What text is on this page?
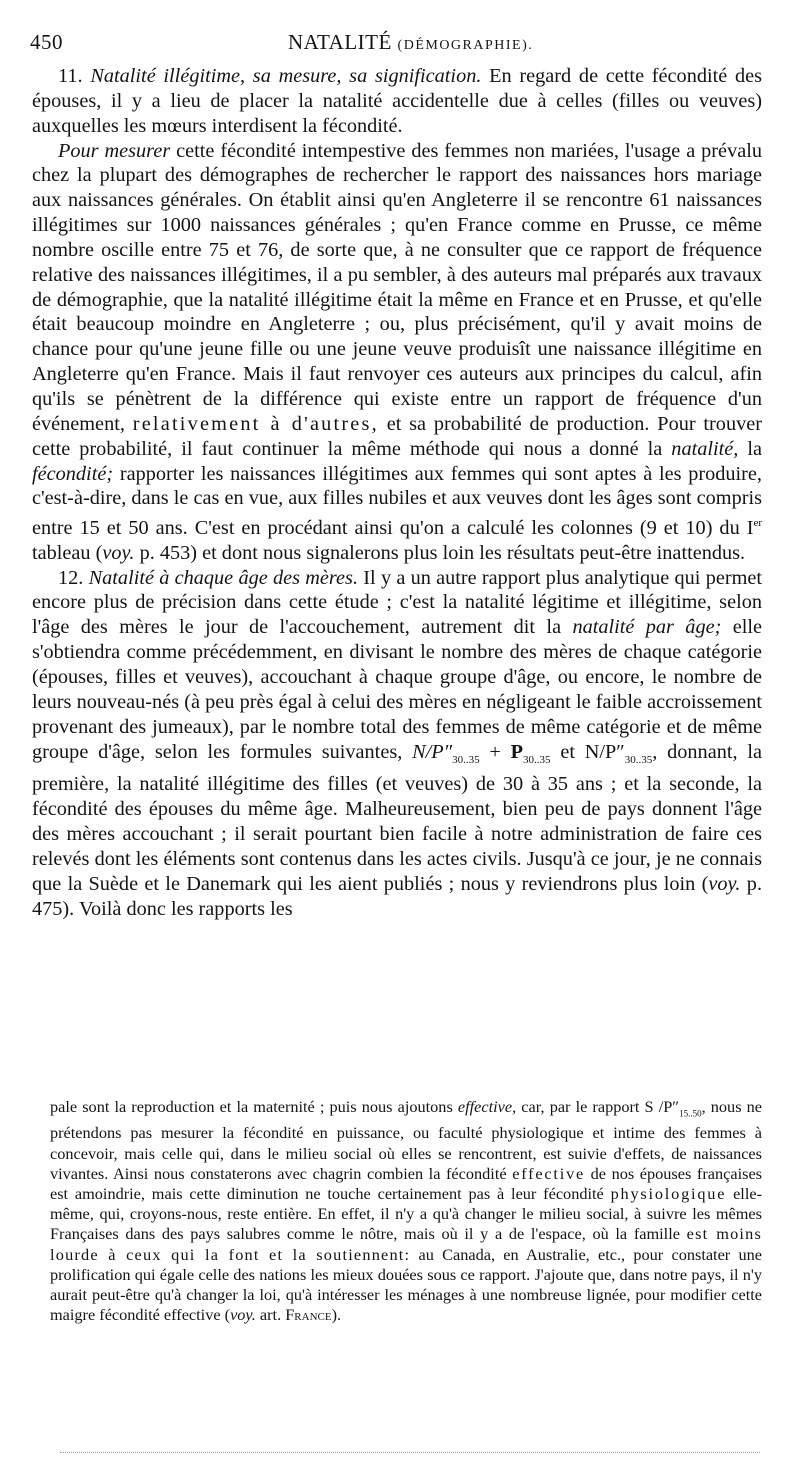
450	NATALITÉ (DÉMOGRAPHIE).

11. Natalité illégitime, sa mesure, sa signification. En regard de cette fécondité des épouses, il y a lieu de placer la natalité accidentelle due à celles (filles ou veuves) auxquelles les mœurs interdisent la fécondité.

Pour mesurer cette fécondité intempestive des femmes non mariées, l'usage a prévalu chez la plupart des démographes de rechercher le rapport des naissances hors mariage aux naissances générales. On établit ainsi qu'en Angleterre il se rencontre 61 naissances illégitimes sur 1000 naissances générales ; qu'en France comme en Prusse, ce même nombre oscille entre 75 et 76, de sorte que, à ne consulter que ce rapport de fréquence relative des naissances illégitimes, il a pu sembler, à des auteurs mal préparés aux travaux de démographie, que la natalité illégitime était la même en France et en Prusse, et qu'elle était beaucoup moindre en Angleterre ; ou, plus précisément, qu'il y avait moins de chance pour qu'une jeune fille ou une jeune veuve produisît une naissance illégitime en Angleterre qu'en France. Mais il faut renvoyer ces auteurs aux principes du calcul, afin qu'ils se pénètrent de la différence qui existe entre un rapport de fréquence d'un événement, relativement à d'autres, et sa probabilité de production. Pour trouver cette probabilité, il faut continuer la même méthode qui nous a donné la natalité, la fécondité; rapporter les naissances illégitimes aux femmes qui sont aptes à les produire, c'est-à-dire, dans le cas en vue, aux filles nubiles et aux veuves dont les âges sont compris entre 15 et 50 ans. C'est en procédant ainsi qu'on a calculé les colonnes (9 et 10) du Ier tableau (voy. p. 453) et dont nous signalerons plus loin les résultats peut-être inattendus.

12. Natalité à chaque âge des mères. Il y a un autre rapport plus analytique qui permet encore plus de précision dans cette étude ; c'est la natalité légitime et illégitime, selon l'âge des mères le jour de l'accouchement, autrement dit la natalité par âge; elle s'obtiendra comme précédemment, en divisant le nombre des mères de chaque catégorie (épouses, filles et veuves), accouchant à chaque groupe d'âge, ou encore, le nombre de leurs nouveau-nés (à peu près égal à celui des mères en négligeant le faible accroissement provenant des jumeaux), par le nombre total des femmes de même catégorie et de même groupe d'âge, selon les formules suivantes, $N/P''_{30..35} + P_{30..35}$ et $N/P''_{30..35}$, donnant, la première, la natalité illégitime des filles (et veuves) de 30 à 35 ans ; et la seconde, la fécondité des épouses du même âge. Malheureusement, bien peu de pays donnent l'âge des mères accouchant ; il serait pourtant bien facile à notre administration de faire ces relevés dont les éléments sont contenus dans les actes civils. Jusqu'à ce jour, je ne connais que la Suède et le Danemark qui les aient publiés ; nous y reviendrons plus loin (voy. p. 475). Voilà donc les rapports les

pale sont la reproduction et la maternité ; puis nous ajoutons effective, car, par le rapport S $/P''_{15..50}$, nous ne prétendons pas mesurer la fécondité en puissance, ou faculté physiologique et intime des femmes à concevoir, mais celle qui, dans le milieu social où elles se rencontrent, est suivie d'effets, de naissances vivantes. Ainsi nous constaterons avec chagrin combien la fécondité effective de nos épouses françaises est amoindrie, mais cette diminution ne touche certainement pas à leur fécondité physiologique elle-même, qui, croyons-nous, reste entière. En effet, il n'y a qu'à changer le milieu social, à suivre les mêmes Françaises dans des pays salubres comme le nôtre, mais où il y a de l'espace, où la famille est moins lourde à ceux qui la font et la soutiennent: au Canada, en Australie, etc., pour constater une prolification qui égale celle des nations les mieux douées sous ce rapport. J'ajoute que, dans notre pays, il n'y aurait peut-être qu'à changer la loi, qu'à intéresser les ménages à une nombreuse lignée, pour modifier cette maigre fécondité effective (voy. art. France).
